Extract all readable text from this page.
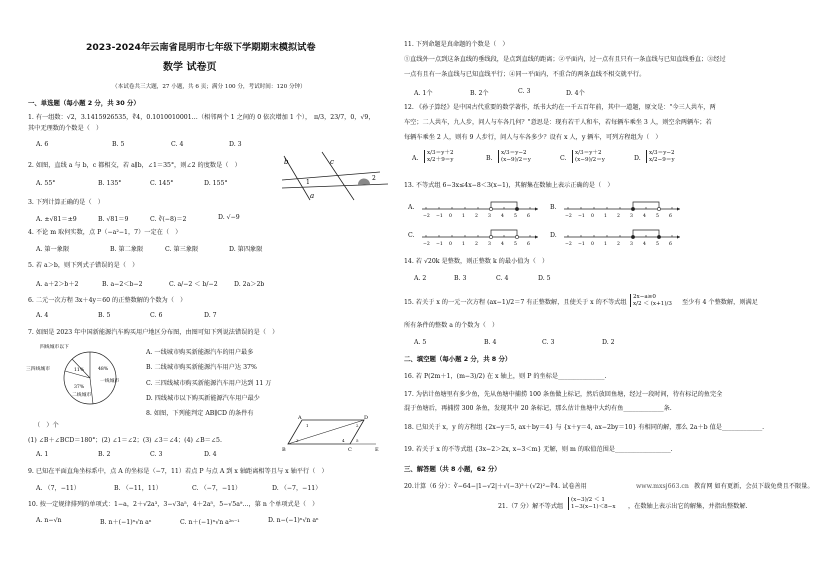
2023-2024年云南省昆明市七年级下学期期末模拟试卷
数学 试卷页
（本试卷共三大题，27 小题，共 6 页；满分 100 分，考试时间：120 分钟）
一、单选题（每小题 2 分，共 30 分）
1. 有一组数：√2，3.1415926535，∜4，0.1010010001…（相邻两个 1 之间的 0 依次增加 1 个）， π/3，23/7，0，√9，
其中无理数的个数是（　）
A. 6	B. 5	C. 4	D. 3
2. 如图，直线 a 与 b，c 都相交，若 a∥b，∠1＝35°，则∠2 的度数是（　）
A. 55°	B. 135°	C. 145°	D. 155°
b	c
1
2
a
3. 下列计算正确的是（　）
A. ±√81＝±9	B. √81＝9	C. ∛(−8)＝2	D. √−9
4. 不论 m 取何实数，点 P（−a²−1，7）一定在（　）
A. 第一象限	B. 第二象限	C. 第三象限	D. 第四象限
5. 若 a＞b，则下列式子错误的是（　）
A. a＋2＞b＋2	B. a−2＜b−2	C. a/−2 ＜ b/−2	D. 2a＞2b
6. 二元一次方程 3x＋4y＝60 的正整数解的个数为（　）
A. 4	B. 5	C. 6	D. 7
7. 如图是 2023 年中国新能源汽车购买用户地区分布图，由图可知下列说法错误的是（　）
四线城市以下
三四线城市	11%	48%
一线城市
37%
二线城市
A. 一线城市购买新能源汽车的用户最多
B. 二线城市购买新能源汽车用户达 37%
C. 三四线城市购买新能源汽车用户达到 11 万
D. 四线城市以下购买新能源汽车用户最少
8. 如图，下列能判定 AB∥CD 的条件有
（　）个
(1) ∠B＋∠BCD＝180°；(2) ∠1＝∠2；(3) ∠3＝∠4；(4) ∠B＝∠5.
A. 1	B. 2	C. 3	D. 4
A	D
B	C	E
1	2
3	4	5
9. 已知在平面直角坐标系中，点 A 的坐标是（−7，11）若点 P 与点 A 到 x 轴距离相等且与 x 轴平行（　）
A. （7，−11）	B. （−11，11）	C. （−7，−11）	D. （−7，−11）
10. 按一定规律排列的单项式：1−a，2＋√2a³，3−√3a⁵，4＋2a⁵，5−√5a⁹…，第 n 个单项式是（　）
A. n−√n	B. n＋(−1)ⁿ√n aⁿ	C. n＋(−1)ⁿ√n a²ⁿ⁻¹	D. n−(−1)ⁿ√n aⁿ
11. 下列命题是真命题的个数是（　）
①直线外一点到这条直线的垂线段，是点到直线的距离；②平面内，过一点有且只有一条直线与已知直线垂直；③经过
一点有且有一条直线与已知直线平行；④同一平面内，不重合的两条直线不相交就平行。
A. 1个	B. 2个	C. 3	D. 4个
12. 《孙子算经》是中国古代重要的数学著作，纸书大约在一千五百年前，其中一道题，原文是："今三人共车，两
车空；二人共车，九人步，问人与车各几何？"意思是：现有若干人和车，若每辆车乘坐 3 人，则空余两辆车；若
每辆车乘坐 2 人，则有 9 人步行，问人与车各多少？设有 x 人，y 辆车，可列方程组为（　）
A.
x/3＝y＋2
x/2＋9＝y	B.
x/3＝y−2
(x−9)/2＝y	C.
x/3＝y＋2
(x−9)/2＝y	D.
x/3＝y−2
x/2−9＝y
13. 不等式组 6−3x≤4x−8＜3(x−1)，其解集在数轴上表示正确的是（　）
14. 若 √20k 是整数，则正整数 k 的最小值为（　）
A. 2	B. 3	C. 4	D. 5
15. 若关于 x 的一元一次方程 (ax−1)/2＝7 有正整数解，且使关于 x 的不等式组
2x−a≥0
x/2 ＜ (x+1)/3 至少有 4 个整数解，则满足
所有条件的整数 a 的个数为（　）
A. 5	B. 4	C. 3	D. 2
二、填空题（每小题 2 分，共 8 分）
16. 若 P(2m＋1，(m−3)/2) 在 x 轴上，则 P 的坐标是_______________.
17. 为估计鱼塘里有多少鱼，先从鱼塘中捕捞 100 条鱼做上标记，然后放回鱼塘，经过一段时间，待有标记的鱼完全
混于鱼塘后，再捕捞 300 条鱼，发现其中 20 条标记，那么估计鱼塘中大约有鱼_____________条.
18. 已知关于 x，y 的方程组 {2x−y＝5, ax＋by＝4} 与 {x＋y＝4, ax−2by＝10} 有相同的解，那么 2a＋b 值是_____________.
19. 若关于 x 的不等式组 {3x−2＞2x, x−3＜m} 无解，则 m 的取值范围是__________________.
三、解答题（共 8 小题，62 分）
20.计算（6 分）：∛−64−|1−√2|＋√(−3)²＋(√2)²−∜4. 试卷善用	www.mxsj663.cn 教育网 如有更新，会员下载免费且不限量。
21.（7 分）解不等式组
(x−3)/2 ＜ 1
1−3(x−1)＜8−x ，在数轴上表示出它的解集，并指出整数解.
A.
−2 −1 0 1 2 3 4 5 6
B.
−2 −1 0 1 2 3 4 5 6
C.
−2 −1 0 1 2 3 4 5 6
D.
−2 −1 0 1 2 3 4 5 6
